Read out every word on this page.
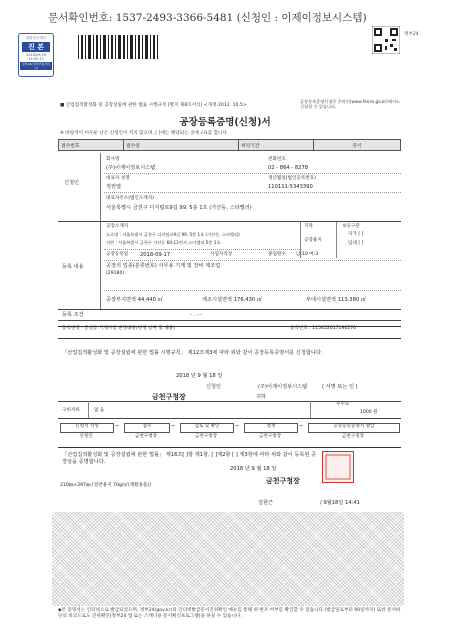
문서확인번호: 1537-2493-3366-5481 (신청인 : 이제이정보시스템)
대한민국정부
진 본
2018/09/18
14:02:15
정부24(전자민원서비스)
정부24
■ 산업집적활성화 및 공장설립에 관한 법률 시행규칙 [별지 제8호서식] <개정 2012. 10.5>
공장등록증명신청은 온라인(www.femis.go.kr)에서도 신청할 수 있습니다.
공장등록증명(신청)서
※ 바탕색이 어두운 난은 신청인이 적지 않으며, [ ]에는 해당되는 곳에 √표를 합니다.
접수번호	접수일	처리기간	즉시
신청인
회사명
(주)이제이정보시스템
전화번호
02 - 864 - 8278
대표자 성명
정권열
생년월일(법인등록번호)
110111-5343390
대표자주소(법인소재지)
서울특별시 금천구 디지털로9길 99, 5층 1호 (가산동, 스타밸리)
등록 내용
공장소재지
도로명 : 서울특별시 금천구 디지털로9길 99, 5층 1호 (가산동, 스타밸리)
지번 : 서울특별시 금천구 가산동 60-11번지 스타밸리 5층 1호
지목
공장용지
보유구분
자가 [ ]
임대 [ ]
공장등록일 2018-09-17	사업자직상	종업원수 남:10 여:3
공장의 업종(분류번호) 사무용 기계 및 장비 제조업
(29180)
공장부지면적 44,440 ㎡	제조시설면적 176.430 ㎡	부대시설면적 113.380 ㎡
등록 조건	- . - -
등록변경 · 증설등 기재사항 변경내용(변경 날짜 및 내용)	등록번호 : 115452017190276
「산업집적활성화 및 공장설립에 관한 법률 시행규칙」 제12조제3에 따라 위와 같이 공장등록증명서를 신청합니다.
2018 년 9 월 18 일
신청인	(주)이제이정보시스템	( 서명 또는 인 )
금천구청장	귀하
구비서류	없 음
수수료
1000 원
신청서 작성
신청인
→	접수
금천구청장
→	검토 및 확인
금천구청장
→	결재
금천구청장
→	공장등록증명서 발급
금천구청장
「산업집적활성화 및 공장설립에 관한 법률」 제16조[ ]항 제1항, [ ]제2항 [ ] 제3항에 따라 위와 같이 등록된 공장임을 증명합니다.
2018 년 9 월 18 일
금천구청장
김현근	/ 9월18일 14:41
210㎜×297㎜ [일반용지 70g/㎡(재활용품)]
◆본 증명서는 인터넷으로 발급되었으며, 정부24(gov.kr)의 인터넷발급문서진위확인 메뉴를 통해 위·변조 여부를 확인할 수 있습니다.(발급일로부터 90일까지) 또한 문서하단의 바코드로도 진위확인(정부24 앱 또는 스캐너용 문서확인프로그램)을 하실 수 있습니다.
